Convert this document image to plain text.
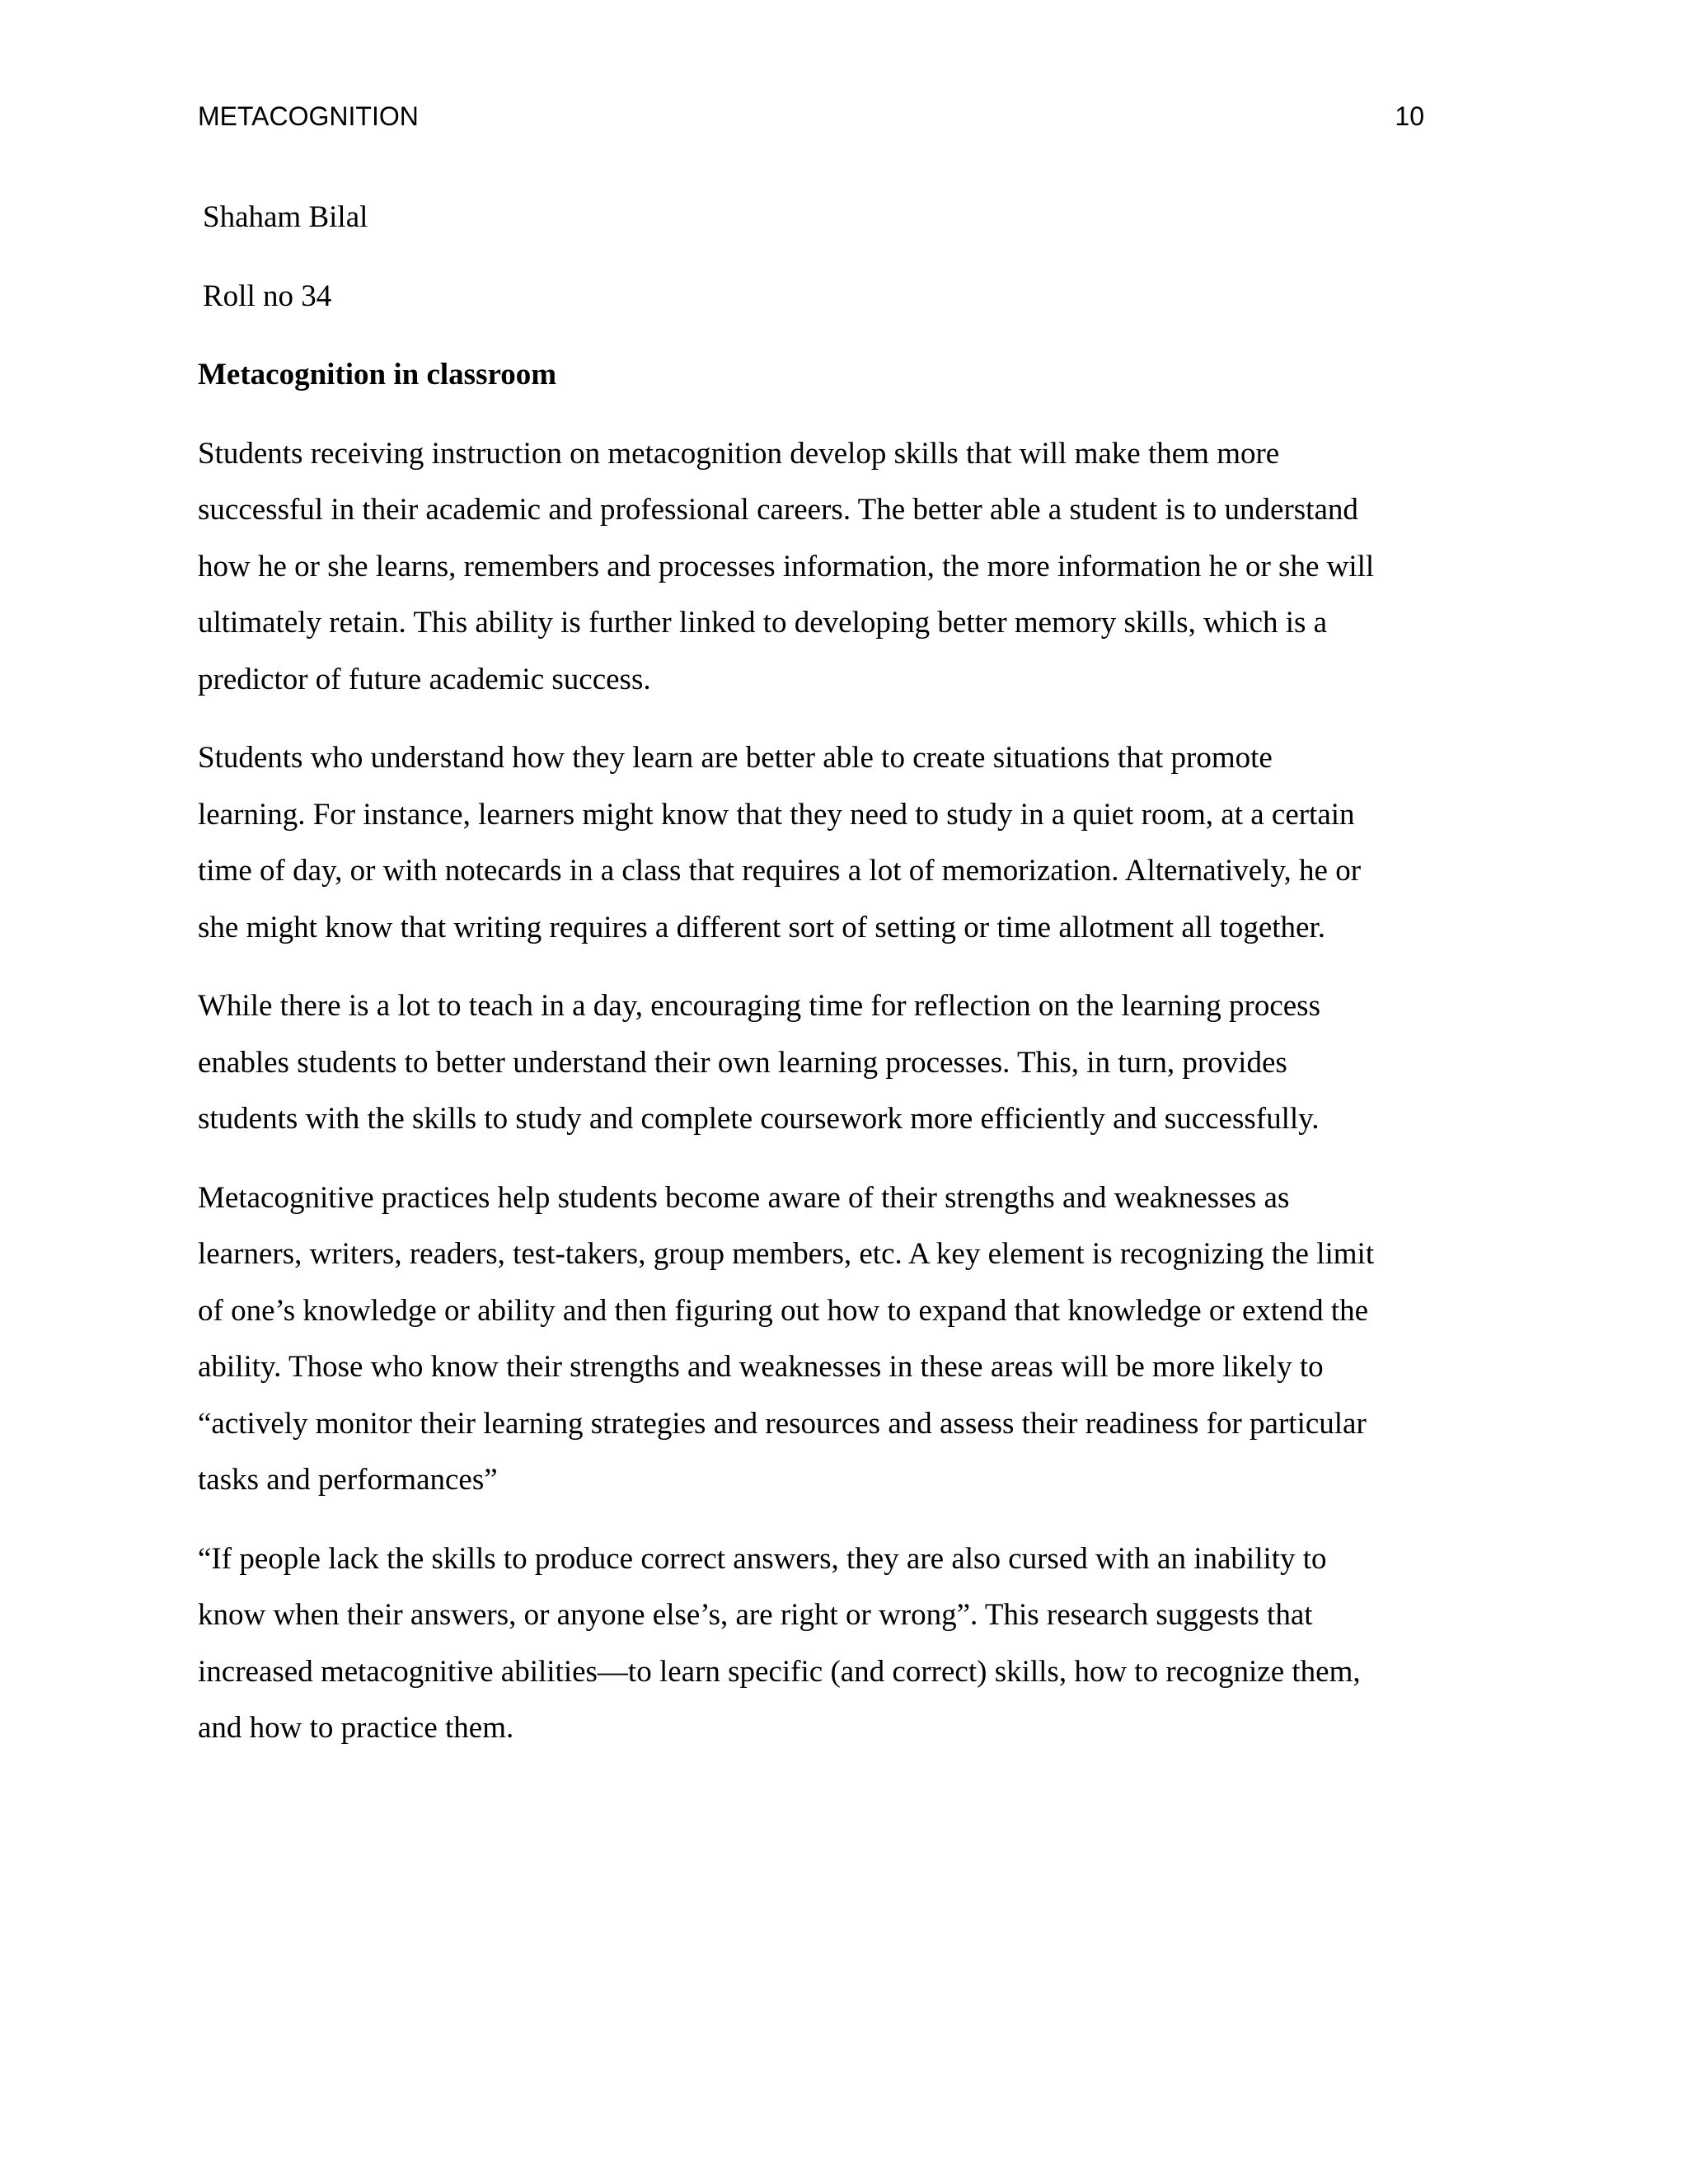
METACOGNITION	10
Shaham Bilal
Roll no 34
Metacognition in classroom
Students receiving instruction on metacognition develop skills that will make them more
successful in their academic and professional careers. The better able a student is to understand
how he or she learns, remembers and processes information, the more information he or she will
ultimately retain. This ability is further linked to developing better memory skills, which is a
predictor of future academic success.
Students who understand how they learn are better able to create situations that promote
learning. For instance, learners might know that they need to study in a quiet room, at a certain
time of day, or with notecards in a class that requires a lot of memorization. Alternatively, he or
she might know that writing requires a different sort of setting or time allotment all together.
While there is a lot to teach in a day, encouraging time for reflection on the learning process
enables students to better understand their own learning processes. This, in turn, provides
students with the skills to study and complete coursework more efficiently and successfully.
Metacognitive practices help students become aware of their strengths and weaknesses as
learners, writers, readers, test-takers, group members, etc. A key element is recognizing the limit
of one’s knowledge or ability and then figuring out how to expand that knowledge or extend the
ability. Those who know their strengths and weaknesses in these areas will be more likely to
“actively monitor their learning strategies and resources and assess their readiness for particular
tasks and performances”
“If people lack the skills to produce correct answers, they are also cursed with an inability to
know when their answers, or anyone else’s, are right or wrong”. This research suggests that
increased metacognitive abilities—to learn specific (and correct) skills, how to recognize them,
and how to practice them.
